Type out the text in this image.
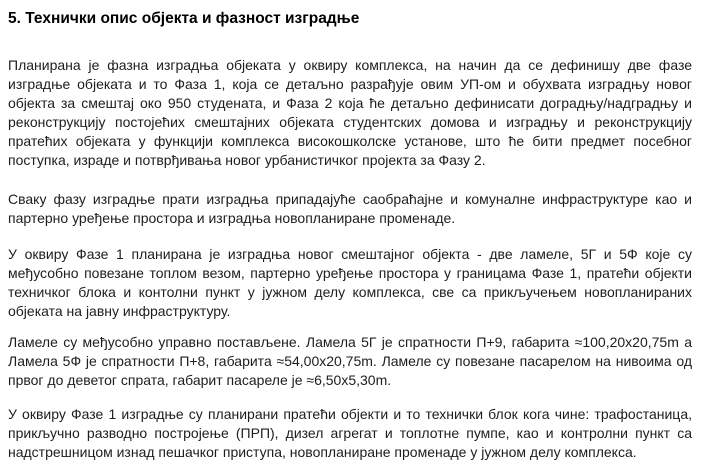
5. Технички опис објекта и фазност изградње

Планирана је фазна изградња објеката у оквиру комплекса, на начин да се дефинишу две фазе изградње објеката и то Фаза 1, која се детаљно разрађује овим УП-ом и обухвата изградњу новог објекта за смештај око 950 студената, и Фаза 2 која ће детаљно дефинисати доградњу/надградњу и реконструкцију постојећих смештајних објеката студентских домова и изградњу и реконструкцију пратећих објеката у функцији комплекса високошколске установе, што ће бити предмет посебног поступка, израде и потврђивања новог урбанистичког пројекта за Фазу 2.

Сваку фазу изградње прати изградња припадајуће саобраћајне и комуналне инфраструктуре као и партерно уређење простора и изградња новопланиране променаде.

У оквиру Фазе 1 планирана је изградња новог смештајног објекта - две ламеле, 5Г и 5Ф које су међусобно повезане топлом везом, партерно уређење простора у границама Фазе 1, пратећи објекти техничког блока и контолни пункт у јужном делу комплекса, све са прикључењем новопланираних објеката на јавну инфраструктуру.

Ламеле су међусобно управно постављене. Ламела 5Г је спратности П+9, габарита ≈100,20x20,75m а Ламела 5Ф је спратности П+8, габарита ≈54,00x20,75m. Ламеле су повезане пасарелом на нивоима од првог до деветог спрата, габарит пасареле је ≈6,50x5,30m.

У оквиру Фазе 1 изградње су планирани пратећи објекти и то технички блок кога чине: трафостаница, прикључно разводно постројење (ПРП), дизел агрегат и топлотне пумпе, као и контролни пункт са надстрешницом изнад пешачког приступа, новопланиране променаде у јужном делу комплекса.
